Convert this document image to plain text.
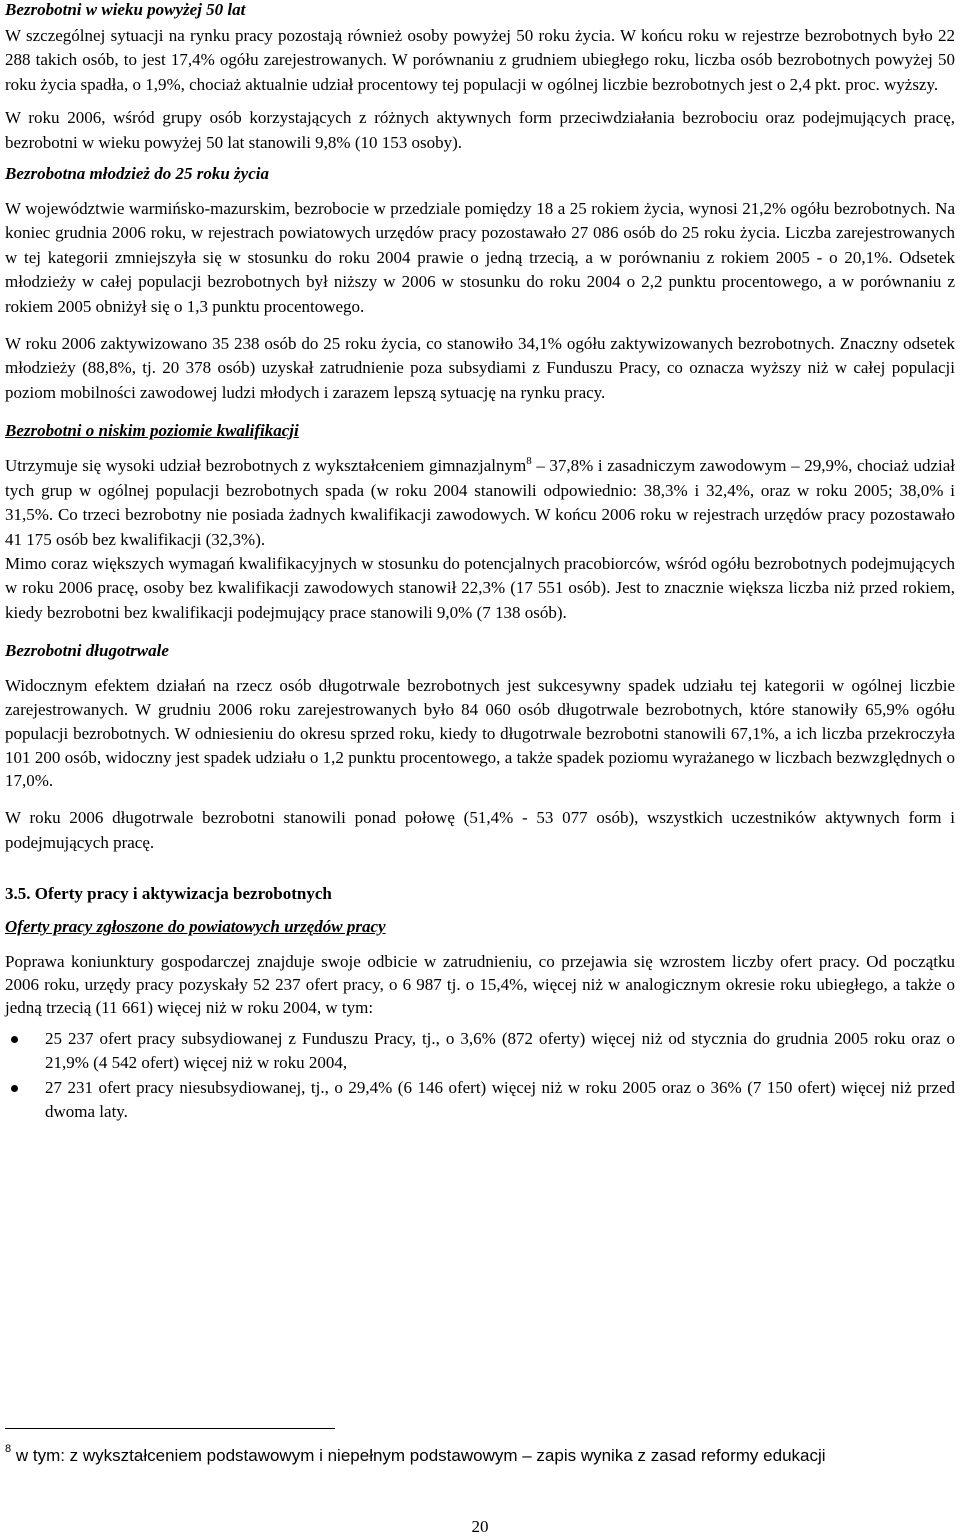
Bezrobotni w wieku powyżej 50 lat

W szczególnej sytuacji na rynku pracy pozostają również osoby powyżej 50 roku życia. W końcu roku w rejestrze bezrobotnych było 22 288 takich osób, to jest 17,4% ogółu zarejestrowanych. W porównaniu z grudniem ubiegłego roku, liczba osób bezrobotnych powyżej 50 roku życia spadła, o 1,9%, chociaż aktualnie udział procentowy tej populacji w ogólnej liczbie bezrobotnych jest o 2,4 pkt. proc. wyższy.

W roku 2006, wśród grupy osób korzystających z różnych aktywnych form przeciwdziałania bezrobociu oraz podejmujących pracę, bezrobotni w wieku powyżej 50 lat stanowili 9,8% (10 153 osoby).

Bezrobotna młodzież do 25 roku życia

W województwie warmińsko-mazurskim, bezrobocie w przedziale pomiędzy 18 a 25 rokiem życia, wynosi 21,2% ogółu bezrobotnych. Na koniec grudnia 2006 roku, w rejestrach powiatowych urzędów pracy pozostawało 27 086 osób do 25 roku życia. Liczba zarejestrowanych w tej kategorii zmniejszyła się w stosunku do roku 2004 prawie o jedną trzecią, a w porównaniu z rokiem 2005 - o 20,1%. Odsetek młodzieży w całej populacji bezrobotnych był niższy w 2006 w stosunku do roku 2004 o 2,2 punktu procentowego, a w porównaniu z rokiem 2005 obniżył się o 1,3 punktu procentowego.

W roku 2006 zaktywizowano 35 238 osób do 25 roku życia, co stanowiło 34,1% ogółu zaktywizowanych bezrobotnych. Znaczny odsetek młodzieży (88,8%, tj. 20 378 osób) uzyskał zatrudnienie poza subsydiami z Funduszu Pracy, co oznacza wyższy niż w całej populacji poziom mobilności zawodowej ludzi młodych i zarazem lepszą sytuację na rynku pracy.

Bezrobotni o niskim poziomie kwalifikacji

Utrzymuje się wysoki udział bezrobotnych z wykształceniem gimnazjalnym$^8$ – 37,8% i zasadniczym zawodowym – 29,9%, chociaż udział tych grup w ogólnej populacji bezrobotnych spada (w roku 2004 stanowili odpowiednio: 38,3% i 32,4%, oraz w roku 2005; 38,0% i 31,5%. Co trzeci bezrobotny nie posiada żadnych kwalifikacji zawodowych. W końcu 2006 roku w rejestrach urzędów pracy pozostawało 41 175 osób bez kwalifikacji (32,3%).

Mimo coraz większych wymagań kwalifikacyjnych w stosunku do potencjalnych pracobiorców, wśród ogółu bezrobotnych podejmujących w roku 2006 pracę, osoby bez kwalifikacji zawodowych stanowił 22,3% (17 551 osób). Jest to znacznie większa liczba niż przed rokiem, kiedy bezrobotni bez kwalifikacji podejmujący prace stanowili 9,0% (7 138 osób).

Bezrobotni długotrwale

Widocznym efektem działań na rzecz osób długotrwale bezrobotnych jest sukcesywny spadek udziału tej kategorii w ogólnej liczbie zarejestrowanych. W grudniu 2006 roku zarejestrowanych było 84 060 osób długotrwale bezrobotnych, które stanowiły 65,9% ogółu populacji bezrobotnych. W odniesieniu do okresu sprzed roku, kiedy to długotrwale bezrobotni stanowili 67,1%, a ich liczba przekroczyła 101 200 osób, widoczny jest spadek udziału o 1,2 punktu procentowego, a także spadek poziomu wyrażanego w liczbach bezwzględnych o 17,0%.

W roku 2006 długotrwale bezrobotni stanowili ponad połowę (51,4% - 53 077 osób), wszystkich uczestników aktywnych form i podejmujących pracę.

3.5. Oferty pracy i aktywizacja bezrobotnych
Oferty pracy zgłoszone do powiatowych urzędów pracy

Poprawa koniunktury gospodarczej znajduje swoje odbicie w zatrudnieniu, co przejawia się wzrostem liczby ofert pracy. Od początku 2006 roku, urzędy pracy pozyskały 52 237 ofert pracy, o 6 987 tj. o 15,4%, więcej niż w analogicznym okresie roku ubiegłego, a także o jedną trzecią (11 661) więcej niż w roku 2004, w tym:

25 237 ofert pracy subsydiowanej z Funduszu Pracy, tj., o 3,6% (872 oferty) więcej niż od stycznia do grudnia 2005 roku oraz o 21,9% (4 542 ofert) więcej niż w roku 2004,
27 231 ofert pracy niesubsydiowanej, tj., o 29,4% (6 146 ofert) więcej niż w roku 2005 oraz o 36% (7 150 ofert) więcej niż przed dwoma laty.
$^8$ w tym: z wykształceniem podstawowym i niepełnym podstawowym – zapis wynika z zasad reformy edukacji
20
